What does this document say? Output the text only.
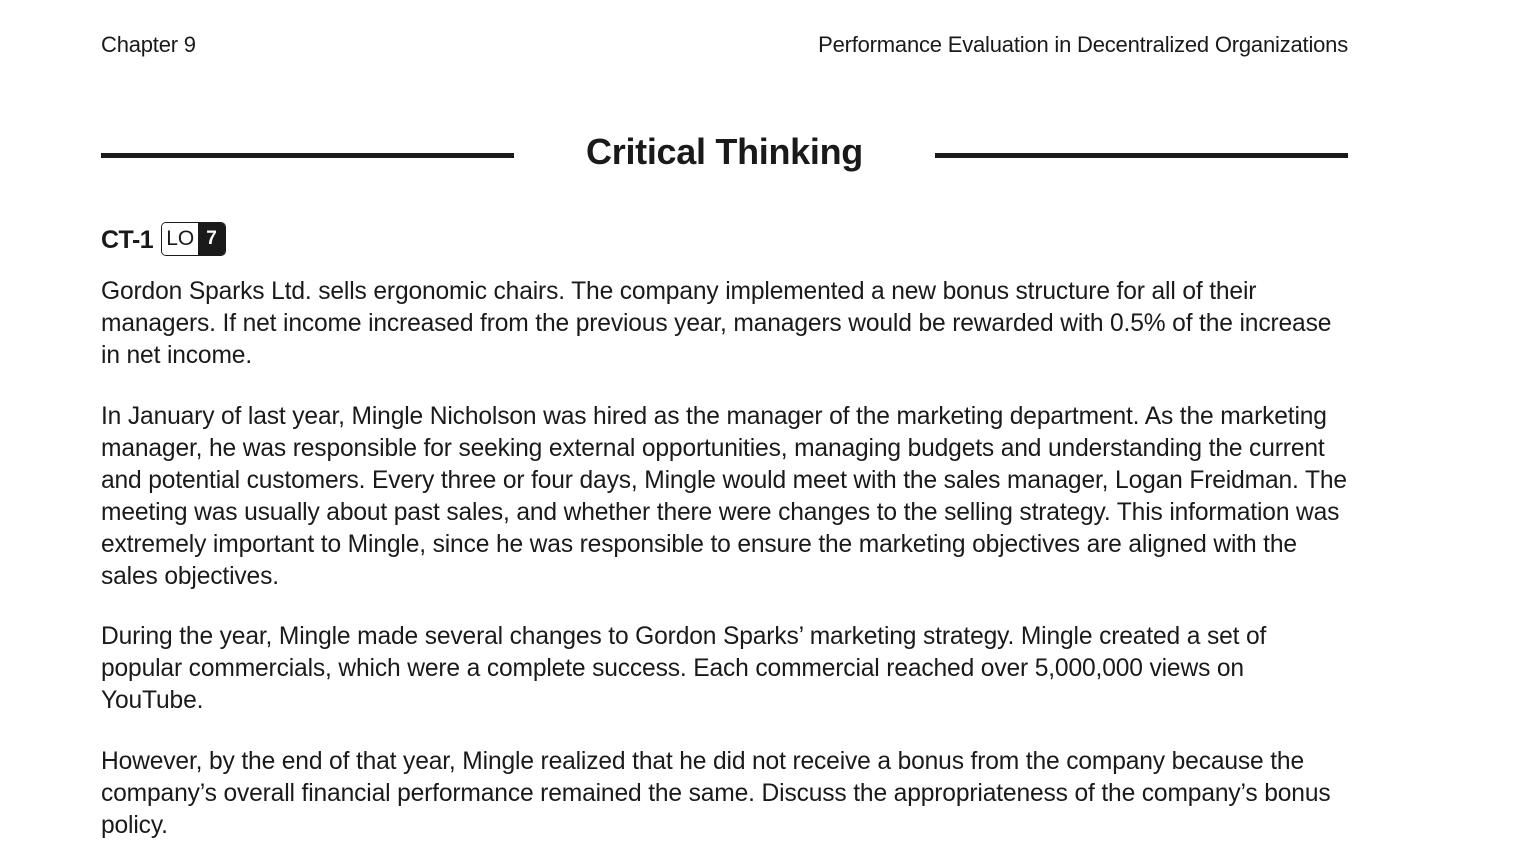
Chapter 9	Performance Evaluation in Decentralized Organizations
Critical Thinking
CT-1 LO 7

Gordon Sparks Ltd. sells ergonomic chairs. The company implemented a new bonus structure for all of their managers. If net income increased from the previous year, managers would be rewarded with 0.5% of the increase in net income.

In January of last year, Mingle Nicholson was hired as the manager of the marketing department. As the marketing manager, he was responsible for seeking external opportunities, managing budgets and understanding the current and potential customers. Every three or four days, Mingle would meet with the sales manager, Logan Freidman. The meeting was usually about past sales, and whether there were changes to the selling strategy. This information was extremely important to Mingle, since he was responsible to ensure the marketing objectives are aligned with the sales objectives.

During the year, Mingle made several changes to Gordon Sparks’ marketing strategy. Mingle created a set of popular commercials, which were a complete success. Each commercial reached over 5,000,000 views on YouTube.

However, by the end of that year, Mingle realized that he did not receive a bonus from the company because the company’s overall financial performance remained the same. Discuss the appropriateness of the company’s bonus policy.
